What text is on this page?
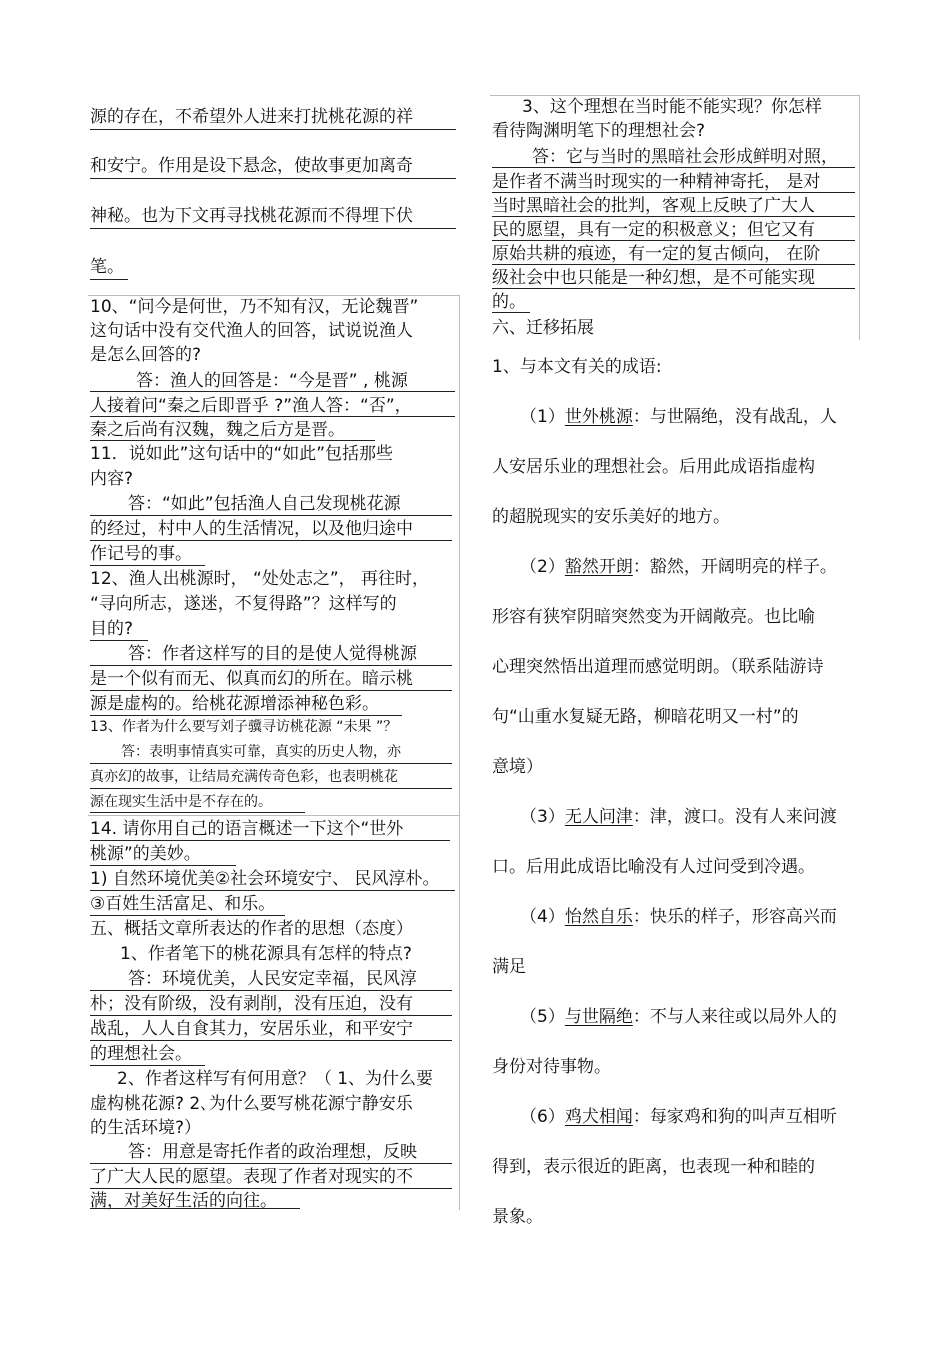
源的存在，不希望外人进来打扰桃花源的祥
和安宁。作用是设下悬念，使故事更加离奇
神秘。也为下文再寻找桃花源而不得埋下伏
笔。
10、“问今是何世，乃不知有汉，无论魏晋”
这句话中没有交代渔人的回答，试说说渔人
是怎么回答的?
答：渔人的回答是：“今是晋” , 桃源
人接着问“秦之后即晋乎 ?”渔人答：“否”，
秦之后尚有汉魏，魏之后方是晋。
11．说如此”这句话中的“如此”包括那些
内容?
答：“如此”包括渔人自己发现桃花源
的经过，村中人的生活情况，以及他归途中
作记号的事。
12、渔人出桃源时， “处处志之”， 再往时，
“寻向所志，遂迷，不复得路”？这样写的
目的?
答：作者这样写的目的是使人觉得桃源
是一个似有而无、似真而幻的所在。暗示桃
源是虚构的。给桃花源增添神秘色彩。
13、作者为什么要写刘子骥寻访桃花源 “未果 ”？
答：表明事情真实可靠，真实的历史人物，亦
真亦幻的故事，让结局充满传奇色彩，也表明桃花
源在现实生活中是不存在的。
14. 请你用自己的语言概述一下这个“世外
桃源”的美妙。
1) 自然环境优美②社会环境安宁、 民风淳朴。
③百姓生活富足、和乐。
五、概括文章所表达的作者的思想（态度）
1、作者笔下的桃花源具有怎样的特点?
答：环境优美，人民安定幸福，民风淳
朴；没有阶级，没有剥削，没有压迫，没有
战乱，人人自食其力，安居乐业，和平安宁
的理想社会。
2、作者这样写有何用意？（ 1、为什么要
虚构桃花源? 2､为什么要写桃花源宁静安乐
的生活环境?）
答：用意是寄托作者的政治理想，反映
了广大人民的愿望。表现了作者对现实的不
满，对美好生活的向往。
3、这个理想在当时能不能实现？你怎样
看待陶渊明笔下的理想社会?
答：它与当时的黑暗社会形成鲜明对照，
是作者不满当时现实的一种精神寄托， 是对
当时黑暗社会的批判，客观上反映了广大人
民的愿望，具有一定的积极意义；但它又有
原始共耕的痕迹，有一定的复古倾向， 在阶
级社会中也只能是一种幻想，是不可能实现
的。
六、迁移拓展
1、与本文有关的成语:
（1）世外桃源：与世隔绝，没有战乱，人
人安居乐业的理想社会。后用此成语指虚构
的超脱现实的安乐美好的地方。
（2）豁然开朗：豁然，开阔明亮的样子。
形容有狭窄阴暗突然变为开阔敞亮。也比喻
心理突然悟出道理而感觉明朗。（联系陆游诗
句“山重水复疑无路，柳暗花明又一村”的
意境）
（3）无人问津：津，渡口。没有人来问渡
口。后用此成语比喻没有人过问受到冷遇。
（4）怡然自乐：快乐的样子，形容高兴而
满足
（5）与世隔绝：不与人来往或以局外人的
身份对待事物。
（6）鸡犬相闻：每家鸡和狗的叫声互相听
得到，表示很近的距离，也表现一种和睦的
景象。
